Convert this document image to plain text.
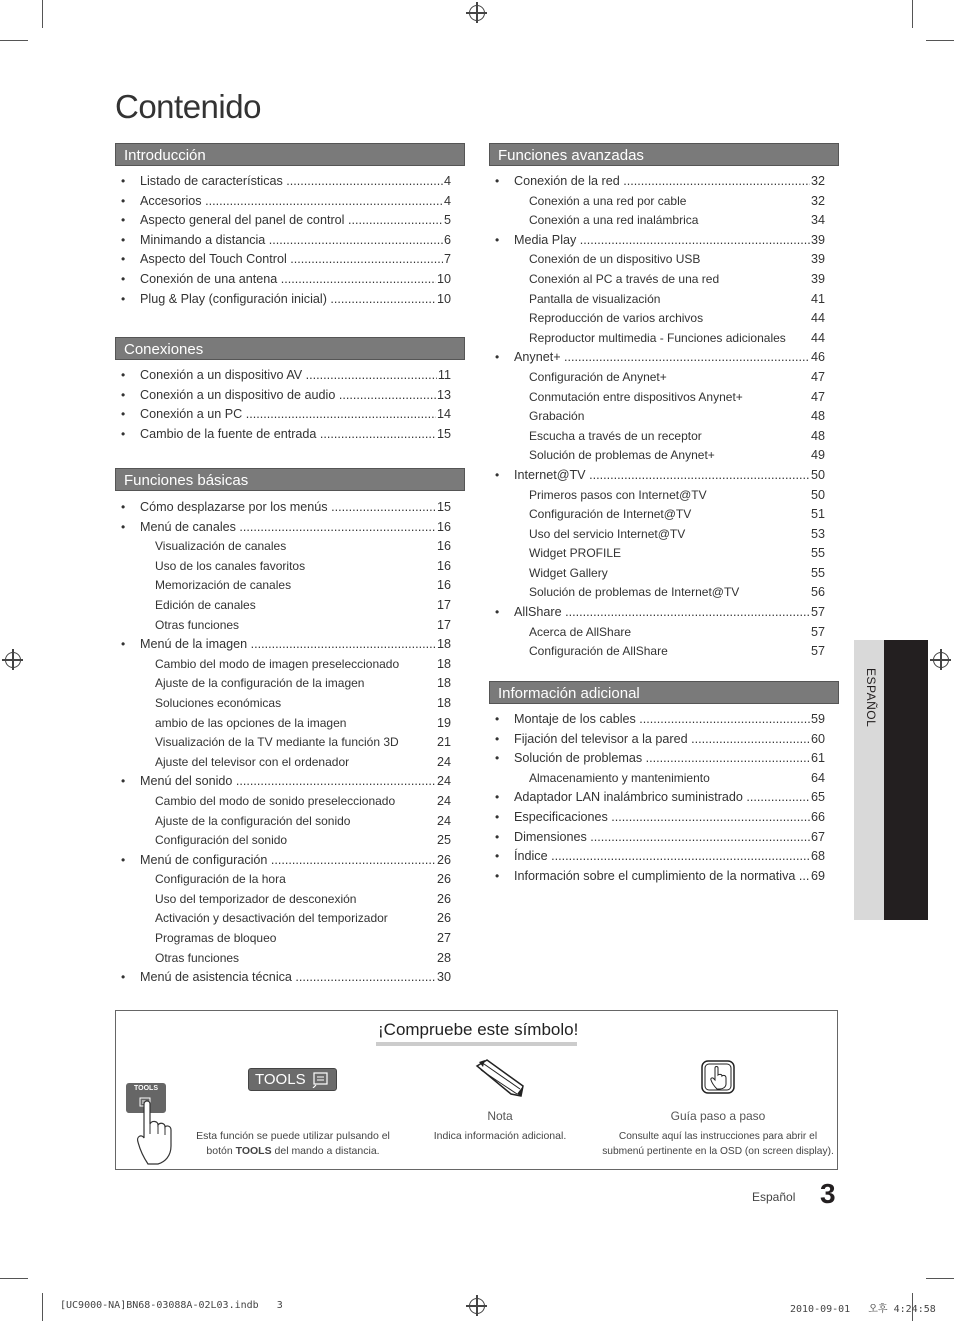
Contenido
Introducción
• Listado de características .....	4
• Accesorios .....	4
• Aspecto general del panel de control .....	5
• Minimando a distancia .....	6
• Aspecto del Touch Control .....	7
• Conexión de una antena .....	10
• Plug & Play (configuración inicial) .....	10
Conexiones
• Conexión a un dispositivo AV .....	11
• Conexión a un dispositivo de audio .....	13
• Conexión a un PC .....	14
• Cambio de la fuente de entrada .....	15
Funciones básicas
• Cómo desplazarse por los menús .....	15
• Menú de canales .....	16
Visualización de canales	16
Uso de los canales favoritos	16
Memorización de canales	16
Edición de canales	17
Otras funciones	17
• Menú de la imagen .....	18
Cambio del modo de imagen preseleccionado	18
Ajuste de la configuración de la imagen	18
Soluciones económicas	18
ambio de las opciones de la imagen	19
Visualización de la TV mediante la función 3D	21
Ajuste del televisor con el ordenador	24
• Menú del sonido .....	24
Cambio del modo de sonido preseleccionado	24
Ajuste de la configuración del sonido	24
Configuración del sonido	25
• Menú de configuración .....	26
Configuración de la hora	26
Uso del temporizador de desconexión	26
Activación y desactivación del temporizador	26
Programas de bloqueo	27
Otras funciones	28
• Menú de asistencia técnica .....	30
Funciones avanzadas
• Conexión de la red .....	32
Conexión a una red por cable	32
Conexión a una red inalámbrica	34
• Media Play .....	39
Conexión de un dispositivo USB	39
Conexión al PC a través de una red	39
Pantalla de visualización	41
Reproducción de varios archivos	44
Reproductor multimedia - Funciones adicionales	44
• Anynet+ .....	46
Configuración de Anynet+	47
Conmutación entre dispositivos Anynet+	47
Grabación	48
Escucha a través de un receptor	48
Solución de problemas de Anynet+	49
• Internet@TV .....	50
Primeros pasos con Internet@TV	50
Configuración de Internet@TV	51
Uso del servicio Internet@TV	53
Widget PROFILE	55
Widget Gallery	55
Solución de problemas de Internet@TV	56
• AllShare .....	57
Acerca de AllShare	57
Configuración de AllShare	57
Información adicional
• Montaje de los cables .....	59
• Fijación del televisor a la pared .....	60
• Solución de problemas .....	61
Almacenamiento y mantenimiento	64
• Adaptador LAN inalámbrico suministrado .....	65
• Especificaciones .....	66
• Dimensiones .....	67
• Índice .....	68
• Información sobre el cumplimiento de la normativa .....	69
ESPAÑOL
¡Compruebe este símbolo!
TOOLS
TOOLS
Esta función se puede utilizar pulsando el
botón TOOLS del mando a distancia.
Nota
Indica información adicional.
Guía paso a paso
Consulte aquí las instrucciones para abrir el
submenú pertinente en la OSD (on screen display).
Español 3
[UC9000-NA]BN68-03088A-02L03.indb   3	2010-09-01   오후 4:24:58
